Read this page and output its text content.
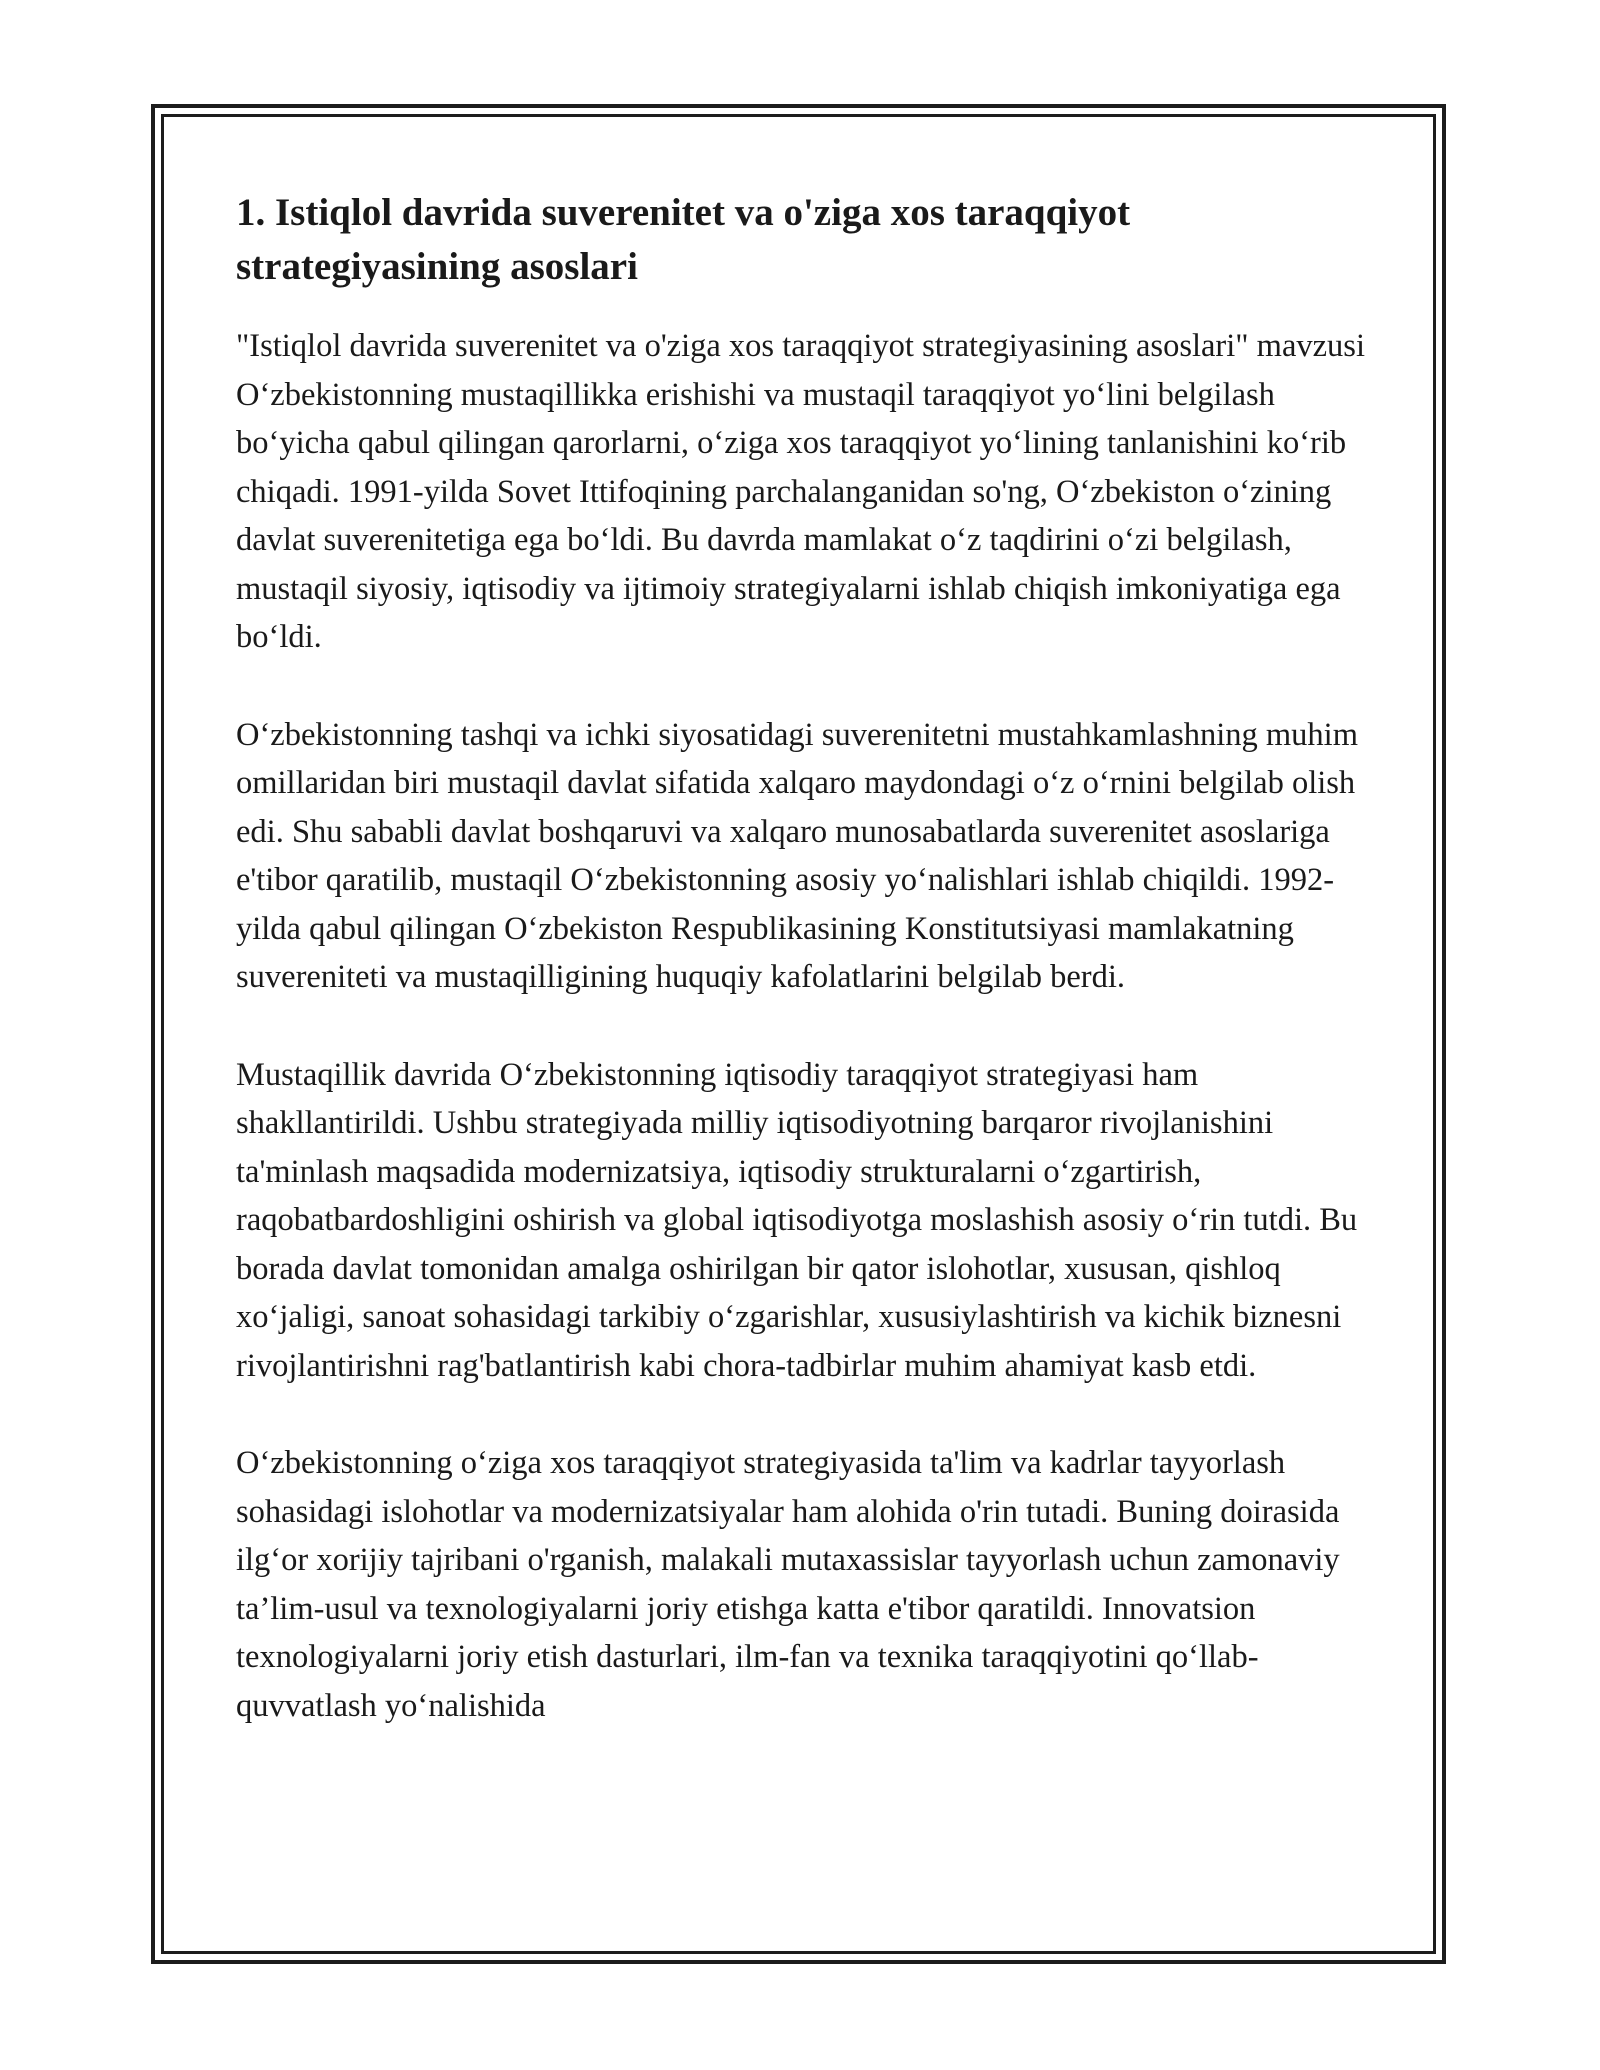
1. Istiqlol davrida suverenitet va o'ziga xos taraqqiyot strategiyasining asoslari

"Istiqlol davrida suverenitet va o'ziga xos taraqqiyot strategiyasining asoslari" mavzusi O‘zbekistonning mustaqillikka erishishi va mustaqil taraqqiyot yo‘lini belgilash bo‘yicha qabul qilingan qarorlarni, o‘ziga xos taraqqiyot yo‘lining tanlanishini ko‘rib chiqadi. 1991-yilda Sovet Ittifoqining parchalanganidan so'ng, O‘zbekiston o‘zining davlat suverenitetiga ega bo‘ldi. Bu davrda mamlakat o‘z taqdirini o‘zi belgilash, mustaqil siyosiy, iqtisodiy va ijtimoiy strategiyalarni ishlab chiqish imkoniyatiga ega bo‘ldi.

O‘zbekistonning tashqi va ichki siyosatidagi suverenitetni mustahkamlashning muhim omillaridan biri mustaqil davlat sifatida xalqaro maydondagi o‘z o‘rnini belgilab olish edi. Shu sababli davlat boshqaruvi va xalqaro munosabatlarda suverenitet asoslariga e'tibor qaratilib, mustaqil O‘zbekistonning asosiy yo‘nalishlari ishlab chiqildi. 1992-yilda qabul qilingan O‘zbekiston Respublikasining Konstitutsiyasi mamlakatning suvereniteti va mustaqilligining huquqiy kafolatlarini belgilab berdi.

Mustaqillik davrida O‘zbekistonning iqtisodiy taraqqiyot strategiyasi ham shakllantirildi. Ushbu strategiyada milliy iqtisodiyotning barqaror rivojlanishini ta'minlash maqsadida modernizatsiya, iqtisodiy strukturalarni o‘zgartirish, raqobatbardoshligini oshirish va global iqtisodiyotga moslashish asosiy o‘rin tutdi. Bu borada davlat tomonidan amalga oshirilgan bir qator islohotlar, xususan, qishloq xo‘jaligi, sanoat sohasidagi tarkibiy o‘zgarishlar, xususiylashtirish va kichik biznesni rivojlantirishni rag'batlantirish kabi chora-tadbirlar muhim ahamiyat kasb etdi.

O‘zbekistonning o‘ziga xos taraqqiyot strategiyasida ta'lim va kadrlar tayyorlash sohasidagi islohotlar va modernizatsiyalar ham alohida o'rin tutadi. Buning doirasida ilg‘or xorijiy tajribani o'rganish, malakali mutaxassislar tayyorlash uchun zamonaviy ta’lim-usul va texnologiyalarni joriy etishga katta e'tibor qaratildi. Innovatsion texnologiyalarni joriy etish dasturlari, ilm-fan va texnika taraqqiyotini qo‘llab-quvvatlash yo‘nalishida
